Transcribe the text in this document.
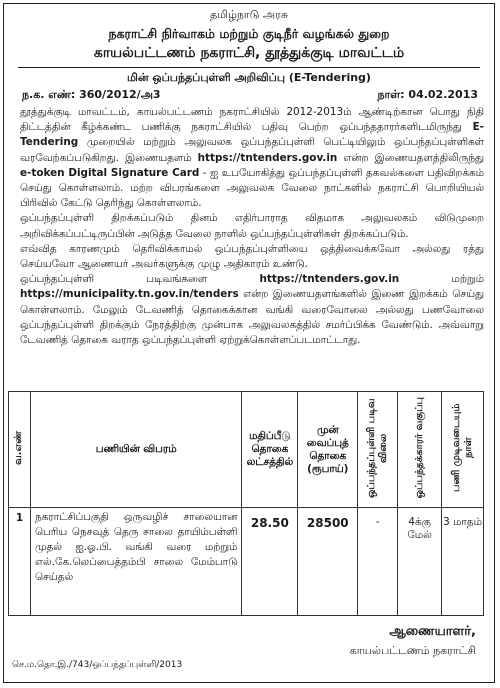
தமிழ்நாடு அரசு
நகராட்சி நிர்வாகம் மற்றும் குடிநீர் வழங்கல் துறை
காயல்பட்டணம் நகராட்சி, தூத்துக்குடி மாவட்டம்
மின் ஒப்பந்தப்புள்ளி அறிவிப்பு (E-Tendering)
ந.க. எண்: 360/2012/அ3	நாள்: 04.02.2013

தூத்துக்குடி மாவட்டம், காயல்பட்டணம் நகராட்சியில் 2012-2013ம் ஆண்டிற்கான பொது நிதி திட்டத்தின் கீழ்க்கண்ட பணிக்கு நகராட்சியில் பதிவு பெற்ற ஒப்பந்ததாரர்களிடமிருந்து E-Tendering முறையில் மற்றும் அலுவலக ஒப்பந்தப்புள்ளி பெட்டியிலும் ஒப்பந்தப்புள்ளிகள் வரவேற்கப்படுகிறது. இணையதளம் https://tntenders.gov.in என்ற இணையதளத்திலிருந்து e-token Digital Signature Card - ஐ உபயோகித்து ஒப்பந்தப்புள்ளி தகவல்களை பதிவிறக்கம் செய்து கொள்ளலாம். மற்ற விபரங்களை அலுவலக வேலை நாட்களில் நகராட்சி பொறியியல் பிரிவில் கேட்டு தெரிந்து கொள்ளலாம்.

ஒப்பந்தப்புள்ளி திறக்கப்படும் தினம் எதிர்பாராத விதமாக அலுவலகம் விடுமுறை அறிவிக்கப்பட்டிருப்பின் அடுத்த வேலை நாளில் ஒப்பந்தப்புள்ளிகள் திறக்கப்படும்.

எவ்வித காரணமும் தெரிவிக்காமல் ஒப்பந்தப்புள்ளியை ஒத்திவைக்கவோ அல்லது ரத்து செய்யவோ ஆணையர் அவர்களுக்கு முழு அதிகாரம் உண்டு.

ஒப்பந்தப்புள்ளி படிவங்களை https://tntenders.gov.in மற்றும் https://municipality.tn.gov.in/tenders என்ற இணையதளங்களில் இணை இறக்கம் செய்து கொள்ளலாம். மேலும் டேவணித் தொகைக்கான வங்கி வரைவோலை அல்லது பணவோலை ஒப்பந்தப்புள்ளி திறக்கும் நேரத்திற்கு முன்பாக அலுவலகத்தில் சமர்ப்பிக்க வேண்டும். அவ்வாறு டேவணித் தொகை வராத ஒப்பந்தப்புள்ளி ஏற்றுக்கொள்ளப்படமாட்டாது.

வ.எண்	பணியின் விபரம்	மதிப்பீடு தொகை லட்சத்தில்	முன் வைப்புத் தொகை (ரூபாய்)	ஒப்பந்தப்புள்ளி படிவ விலை	ஒப்பந்தக்காரர் வகுப்பு	பணி முடிவடையும் நாள்
1	நகராட்சிப்பகுதி ஒருவழிச் சாலையான பெரிய நெசவுத் தெரு சாலை தாயிம்பள்ளி முதல் ஐ.ஓ.பி. வங்கி வரை மற்றும் எல்.கே.லெப்பைத்தம்பி சாலை மேம்பாடு செய்தல்	28.50	28500	-	4க்கு மேல்	3 மாதம்
ஆணையாளர்,
காயல்பட்டணம் நகராட்சி
செ.ம.தொ.இ./743/ஒப்பந்தப்புள்ளி/2013
